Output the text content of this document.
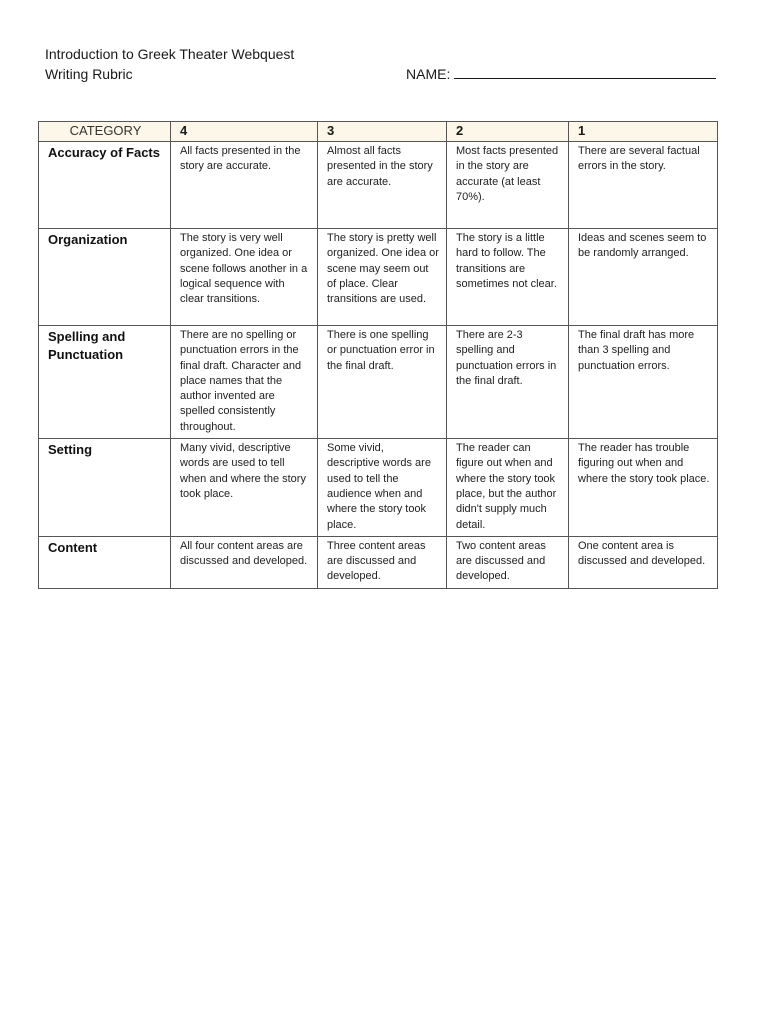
Introduction to Greek Theater Webquest
Writing Rubric	NAME:
CATEGORY	4	3	2	1
Accuracy of Facts	All facts presented in the story are accurate.	Almost all facts presented in the story are accurate.	Most facts presented in the story are accurate (at least 70%).	There are several factual errors in the story.
Organization	The story is very well organized. One idea or scene follows another in a logical sequence with clear transitions.	The story is pretty well organized. One idea or scene may seem out of place. Clear transitions are used.	The story is a little hard to follow. The transitions are sometimes not clear.	Ideas and scenes seem to be randomly arranged.
Spelling and Punctuation	There are no spelling or punctuation errors in the final draft. Character and place names that the author invented are spelled consistently throughout.	There is one spelling or punctuation error in the final draft.	There are 2-3 spelling and punctuation errors in the final draft.	The final draft has more than 3 spelling and punctuation errors.
Setting	Many vivid, descriptive words are used to tell when and where the story took place.	Some vivid, descriptive words are used to tell the audience when and where the story took place.	The reader can figure out when and where the story took place, but the author didn't supply much detail.	The reader has trouble figuring out when and where the story took place.
Content	All four content areas are discussed and developed.	Three content areas are discussed and developed.	Two content areas are discussed and developed.	One content area is discussed and developed.
